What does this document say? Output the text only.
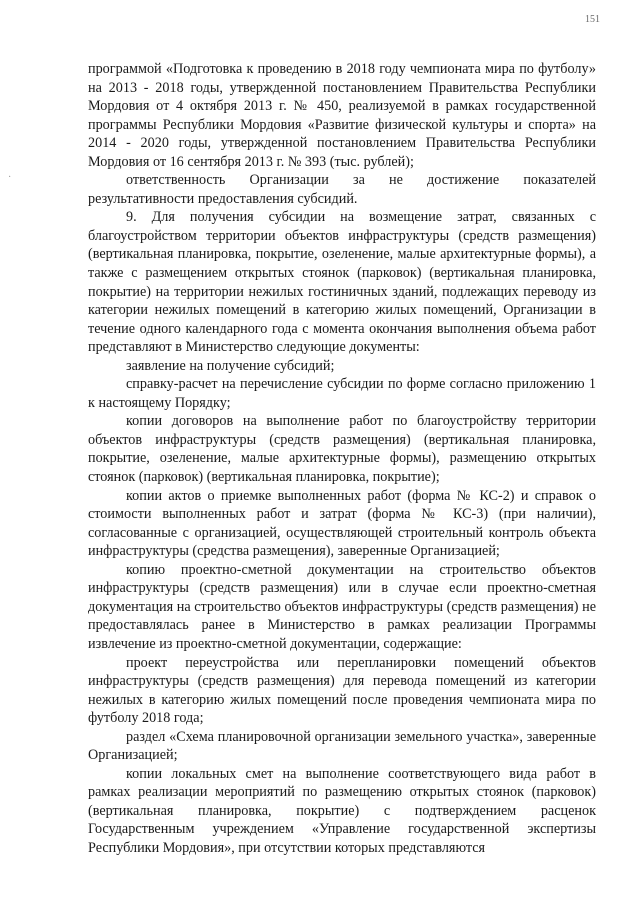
151
·

программой «Подготовка к проведению в 2018 году чемпионата мира по футболу» на 2013 - 2018 годы, утвержденной постановлением Правительства Республики Мордовия от 4 октября 2013 г. № 450, реализуемой в рамках государственной программы Республики Мордовия «Развитие физической культуры и спорта» на 2014 - 2020 годы, утвержденной постановлением Правительства Республики Мордовия от 16 сентября 2013 г. № 393 (тыс. рублей);

ответственность Организации за не достижение показателей результативности предоставления субсидий.

9. Для получения субсидии на возмещение затрат, связанных с благоустройством территории объектов инфраструктуры (средств размещения) (вертикальная планировка, покрытие, озеленение, малые архитектурные формы), а также с размещением открытых стоянок (парковок) (вертикальная планировка, покрытие) на территории нежилых гостиничных зданий, подлежащих переводу из категории нежилых помещений в категорию жилых помещений, Организации в течение одного календарного года с момента окончания выполнения объема работ представляют в Министерство следующие документы:

заявление на получение субсидий;

справку-расчет на перечисление субсидии по форме согласно приложению 1 к настоящему Порядку;

копии договоров на выполнение работ по благоустройству территории объектов инфраструктуры (средств размещения) (вертикальная планировка, покрытие, озеленение, малые архитектурные формы), размещению открытых стоянок (парковок) (вертикальная планировка, покрытие);

копии актов о приемке выполненных работ (форма № КС-2) и справок о стоимости выполненных работ и затрат (форма № КС-3) (при наличии), согласованные с организацией, осуществляющей строительный контроль объекта инфраструктуры (средства размещения), заверенные Организацией;

копию проектно-сметной документации на строительство объектов инфраструктуры (средств размещения) или в случае если проектно-сметная документация на строительство объектов инфраструктуры (средств размещения) не предоставлялась ранее в Министерство в рамках реализации Программы извлечение из проектно-сметной документации, содержащие:

проект переустройства или перепланировки помещений объектов инфраструктуры (средств размещения) для перевода помещений из категории нежилых в категорию жилых помещений после проведения чемпионата мира по футболу 2018 года;

раздел «Схема планировочной организации земельного участка», заверенные Организацией;

копии локальных смет на выполнение соответствующего вида работ в рамках реализации мероприятий по размещению открытых стоянок (парковок) (вертикальная планировка, покрытие) с подтверждением расценок Государственным учреждением «Управление государственной экспертизы Республики Мордовия», при отсутствии которых представляются
